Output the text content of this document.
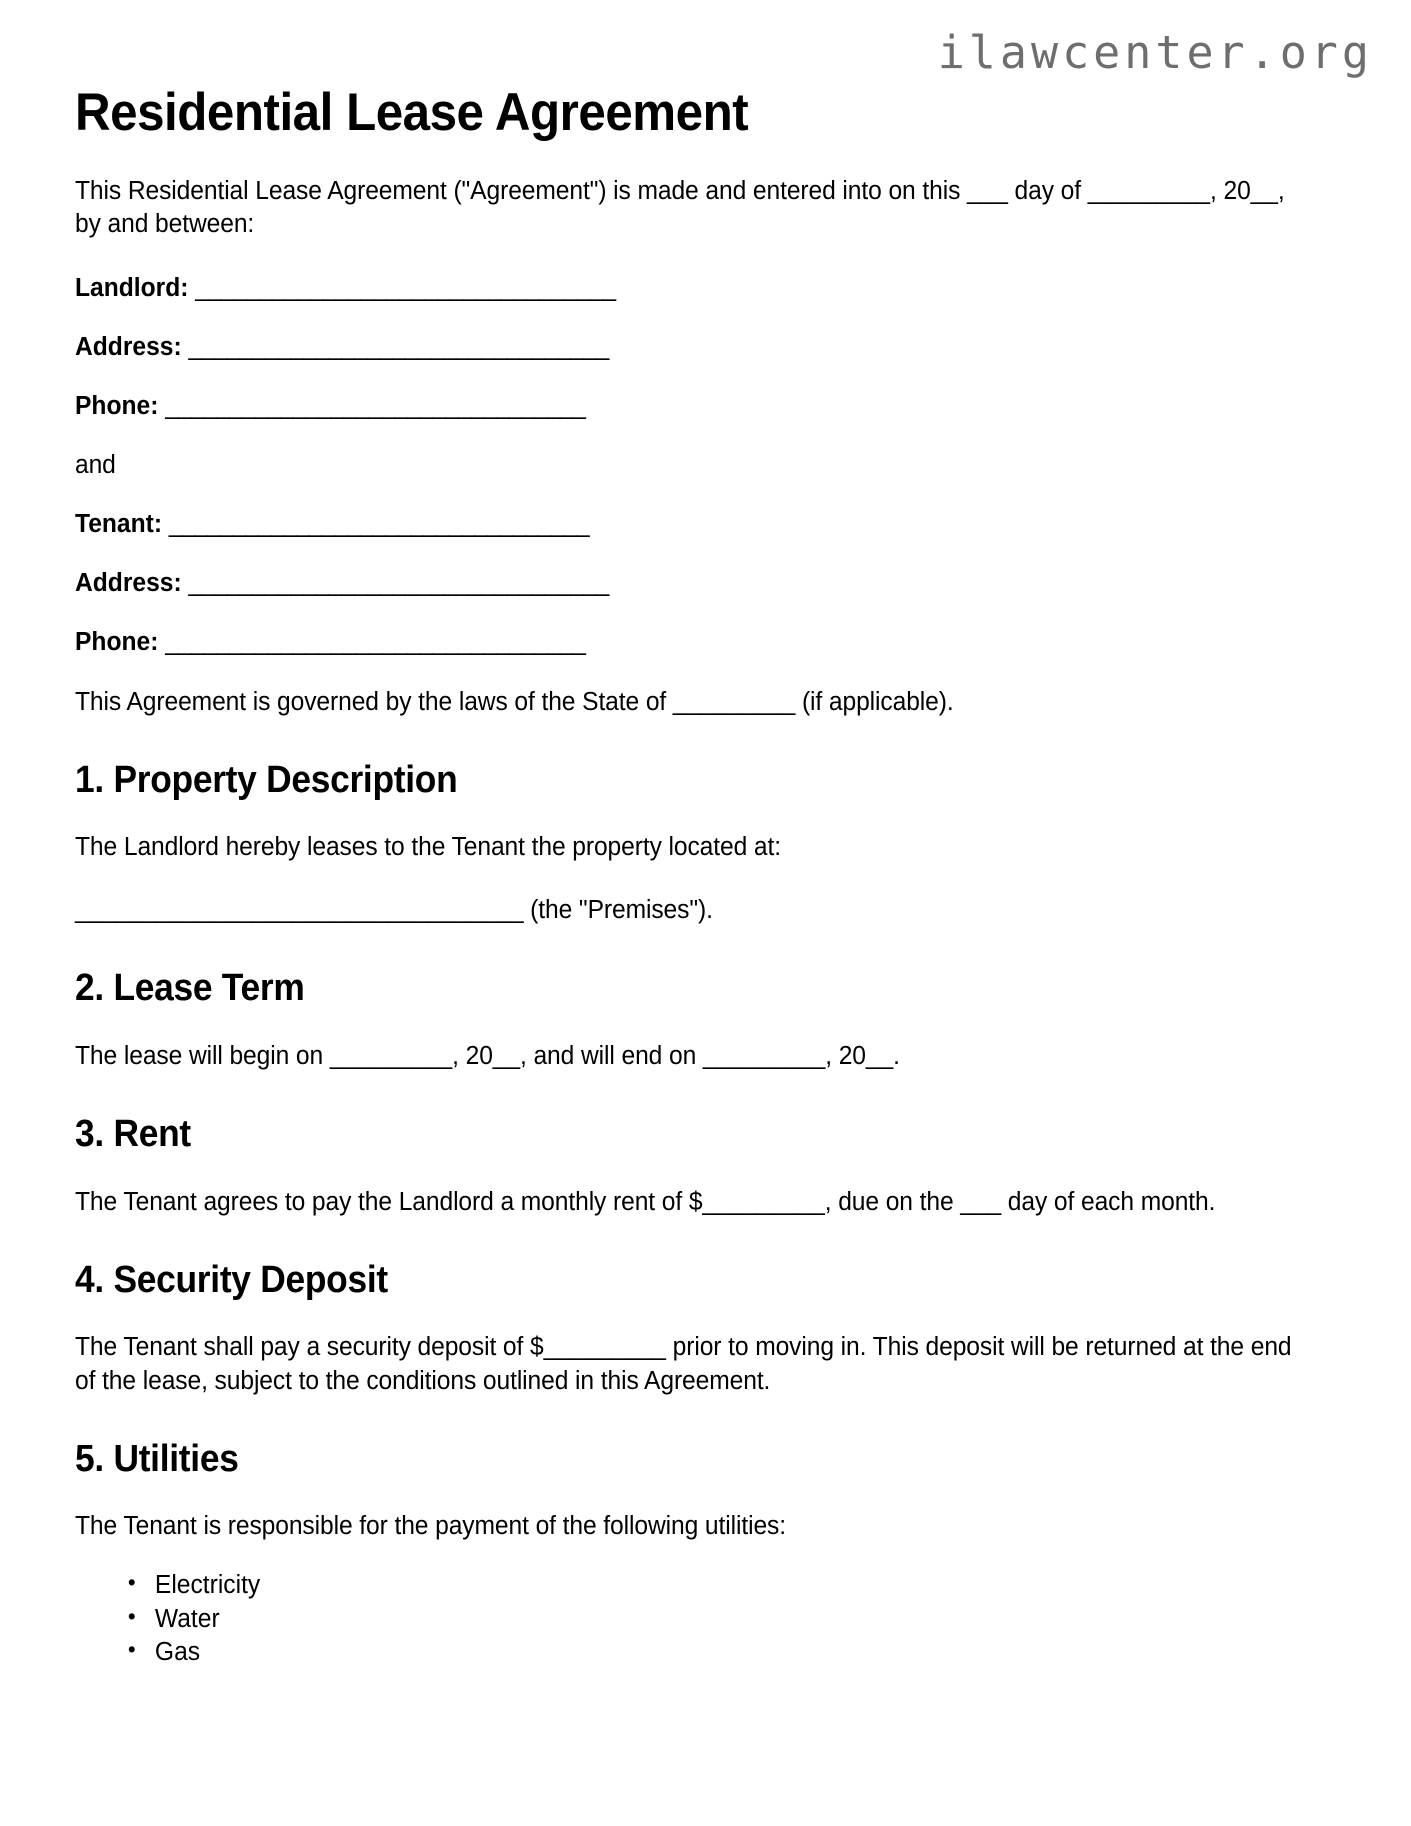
ilawcenter.org
Residential Lease Agreement

This Residential Lease Agreement ("Agreement") is made and entered into on this ___ day of _________, 20__, by and between:

Landlord: _________________________________

Address: _________________________________

Phone: _________________________________

and

Tenant: _________________________________

Address: _________________________________

Phone: _________________________________

This Agreement is governed by the laws of the State of _________ (if applicable).

1. Property Description

The Landlord hereby leases to the Tenant the property located at:

_________________________________ (the "Premises").

2. Lease Term

The lease will begin on _________, 20__, and will end on _________, 20__.

3. Rent

The Tenant agrees to pay the Landlord a monthly rent of $_________, due on the ___ day of each month.

4. Security Deposit

The Tenant shall pay a security deposit of $_________ prior to moving in. This deposit will be returned at the end of the lease, subject to the conditions outlined in this Agreement.

5. Utilities

The Tenant is responsible for the payment of the following utilities:

• Electricity
• Water
• Gas
